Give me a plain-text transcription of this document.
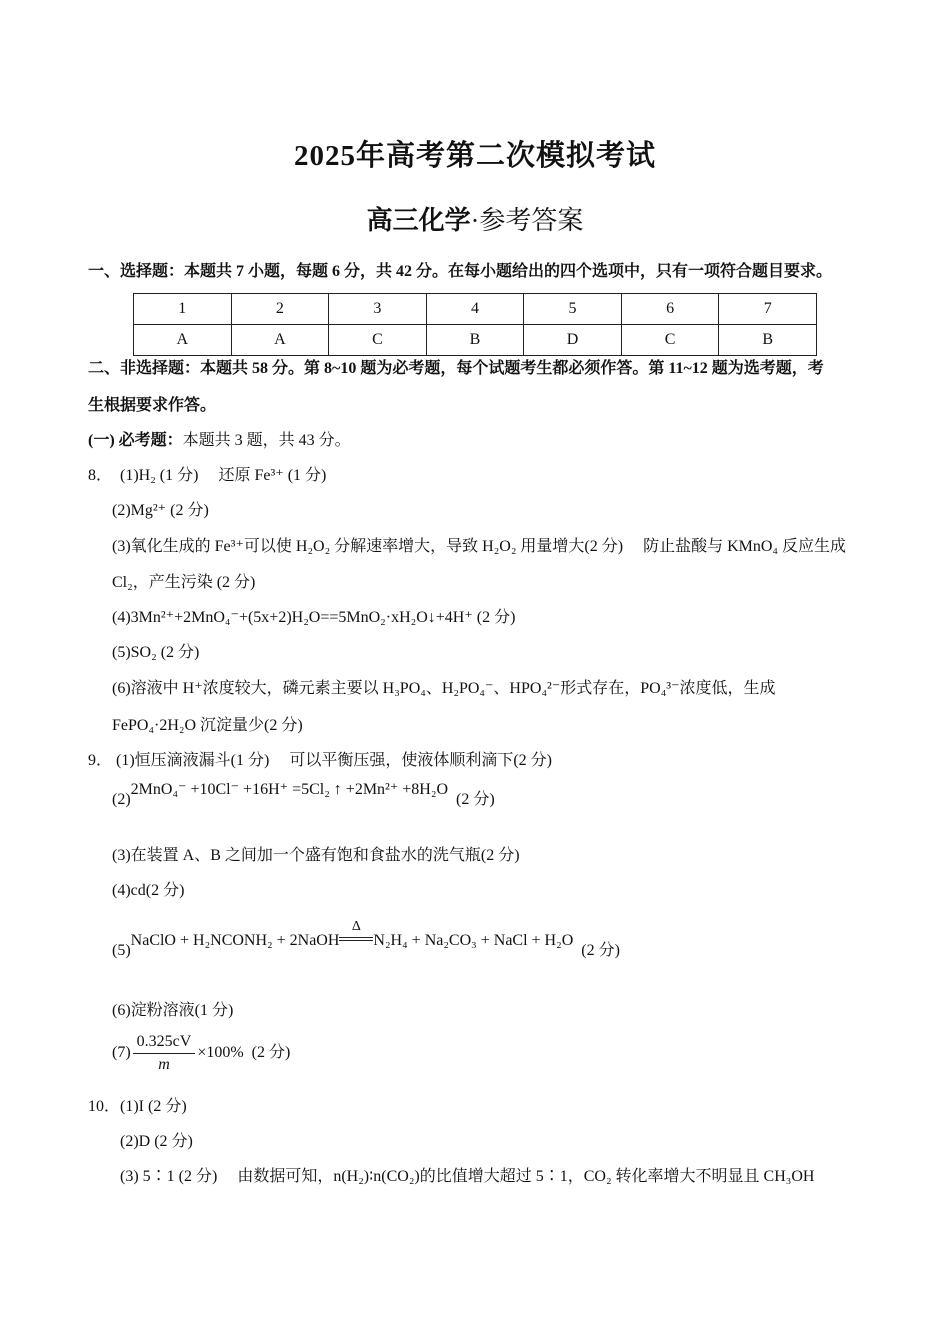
2025年高考第二次模拟考试
高三化学·参考答案
一、选择题：本题共 7 小题，每题 6 分，共 42 分。在每小题给出的四个选项中，只有一项符合题目要求。
1	2	3	4	5	6	7
A	A	C	B	D	C	B
二、非选择题：本题共 58 分。第 8~10 题为必考题，每个试题考生都必须作答。第 11~12 题为选考题，考
生根据要求作答。
(一) 必考题：本题共 3 题，共 43 分。
8． (1)H₂ (1 分)　 还原 Fe³⁺ (1 分)
(2)Mg²⁺ (2 分)
(3)氧化生成的 Fe³⁺可以使 H₂O₂ 分解速率增大，导致 H₂O₂ 用量增大(2 分)　 防止盐酸与 KMnO₄ 反应生成
Cl₂，产生污染 (2 分)
(4)3Mn²⁺+2MnO₄⁻+(5x+2)H₂O==5MnO₂·xH₂O↓+4H⁺ (2 分)
(5)SO₂ (2 分)
(6)溶液中 H⁺浓度较大，磷元素主要以 H₃PO₄、H₂PO₄⁻、HPO₄²⁻形式存在，PO₄³⁻浓度低，生成
FePO₄·2H₂O 沉淀量少(2 分)
9． (1)恒压滴液漏斗(1 分)　 可以平衡压强，使液体顺利滴下(2 分)
(2)2MnO₄⁻ +10Cl⁻ +16H⁺ =5Cl₂ ↑ +2Mn²⁺ +8H₂O  (2 分)
(3)在装置 A、B 之间加一个盛有饱和食盐水的洗气瓶(2 分)
(4)cd(2 分)
(5)NaClO + H₂NCONH₂ + 2NaOH
Δ
N₂H₄ + Na₂CO₃ + NaCl + H₂O  (2 分)
(6)淀粉溶液(1 分)
$(7) \frac{0.325cV}{m} \times 100\%$ (2 分)
10．(1)I (2 分)
(2)D (2 分)
(3) 5∶1 (2 分)　 由数据可知，n(H₂)∶n(CO₂)的比值增大超过 5∶1，CO₂ 转化率增大不明显且 CH₃OH
